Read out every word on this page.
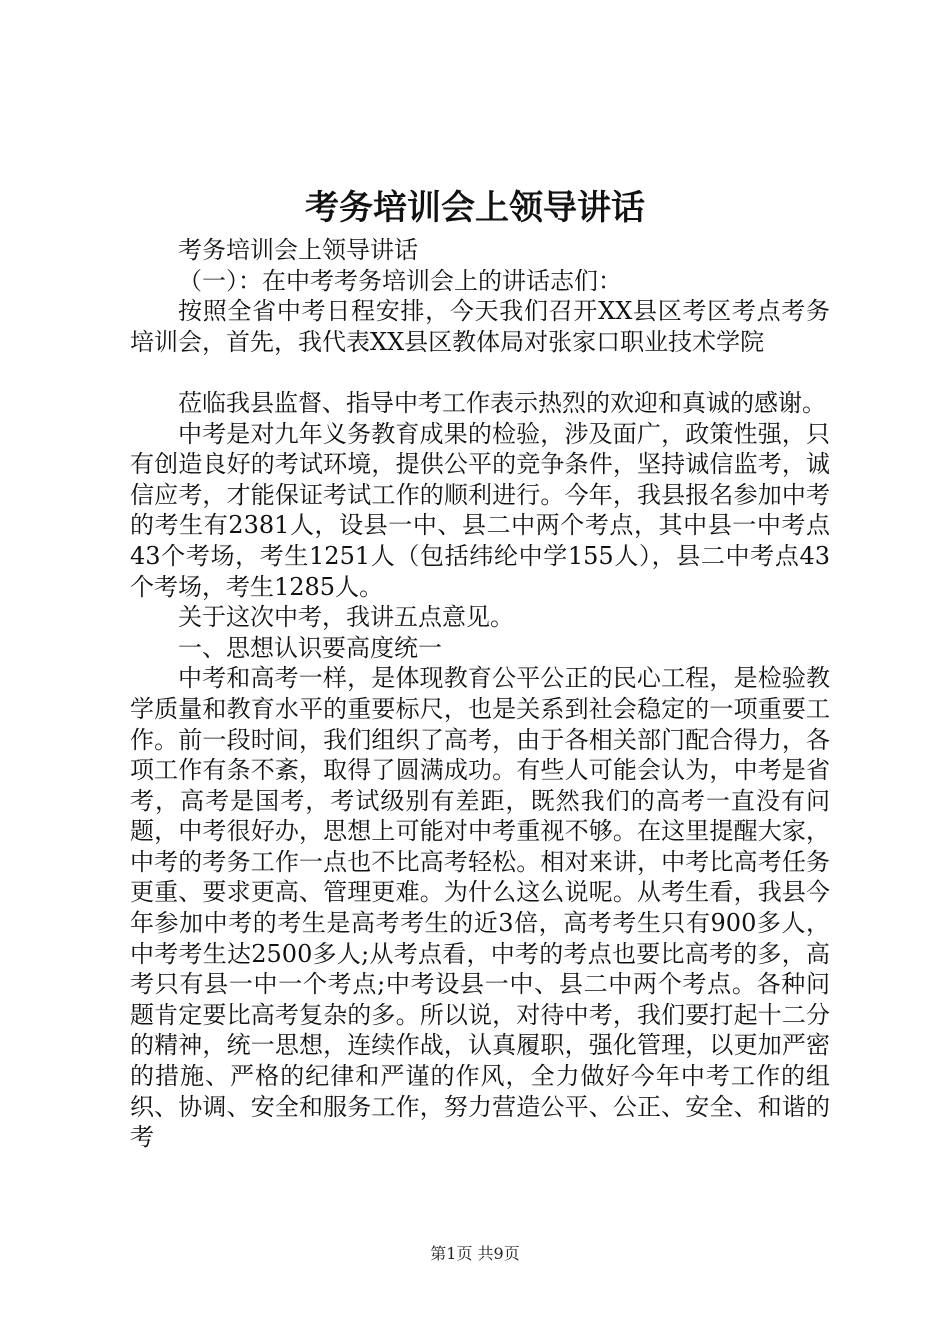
考务培训会上领导讲话

考务培训会上领导讲话

（一）：在中考考务培训会上的讲话志们：

按照全省中考日程安排，今天我们召开XX县区考区考点考务培训会，首先，我代表XX县区教体局对张家口职业技术学院

莅临我县监督、指导中考工作表示热烈的欢迎和真诚的感谢。

中考是对九年义务教育成果的检验，涉及面广，政策性强，只有创造良好的考试环境，提供公平的竞争条件，坚持诚信监考，诚信应考，才能保证考试工作的顺利进行。今年，我县报名参加中考的考生有2381人，设县一中、县二中两个考点，其中县一中考点43个考场，考生1251人（包括纬纶中学155人），县二中考点43个考场，考生1285人。

关于这次中考，我讲五点意见。

一、思想认识要高度统一

中考和高考一样，是体现教育公平公正的民心工程，是检验教学质量和教育水平的重要标尺，也是关系到社会稳定的一项重要工作。前一段时间，我们组织了高考，由于各相关部门配合得力，各项工作有条不紊，取得了圆满成功。有些人可能会认为，中考是省考，高考是国考，考试级别有差距，既然我们的高考一直没有问题，中考很好办，思想上可能对中考重视不够。在这里提醒大家，中考的考务工作一点也不比高考轻松。相对来讲，中考比高考任务更重、要求更高、管理更难。为什么这么说呢。从考生看，我县今年参加中考的考生是高考考生的近3倍，高考考生只有900多人，中考考生达2500多人;从考点看，中考的考点也要比高考的多，高考只有县一中一个考点;中考设县一中、县二中两个考点。各种问题肯定要比高考复杂的多。所以说，对待中考，我们要打起十二分的精神，统一思想，连续作战，认真履职，强化管理，以更加严密的措施、严格的纪律和严谨的作风，全力做好今年中考工作的组织、协调、安全和服务工作，努力营造公平、公正、安全、和谐的考

第1页 共9页
